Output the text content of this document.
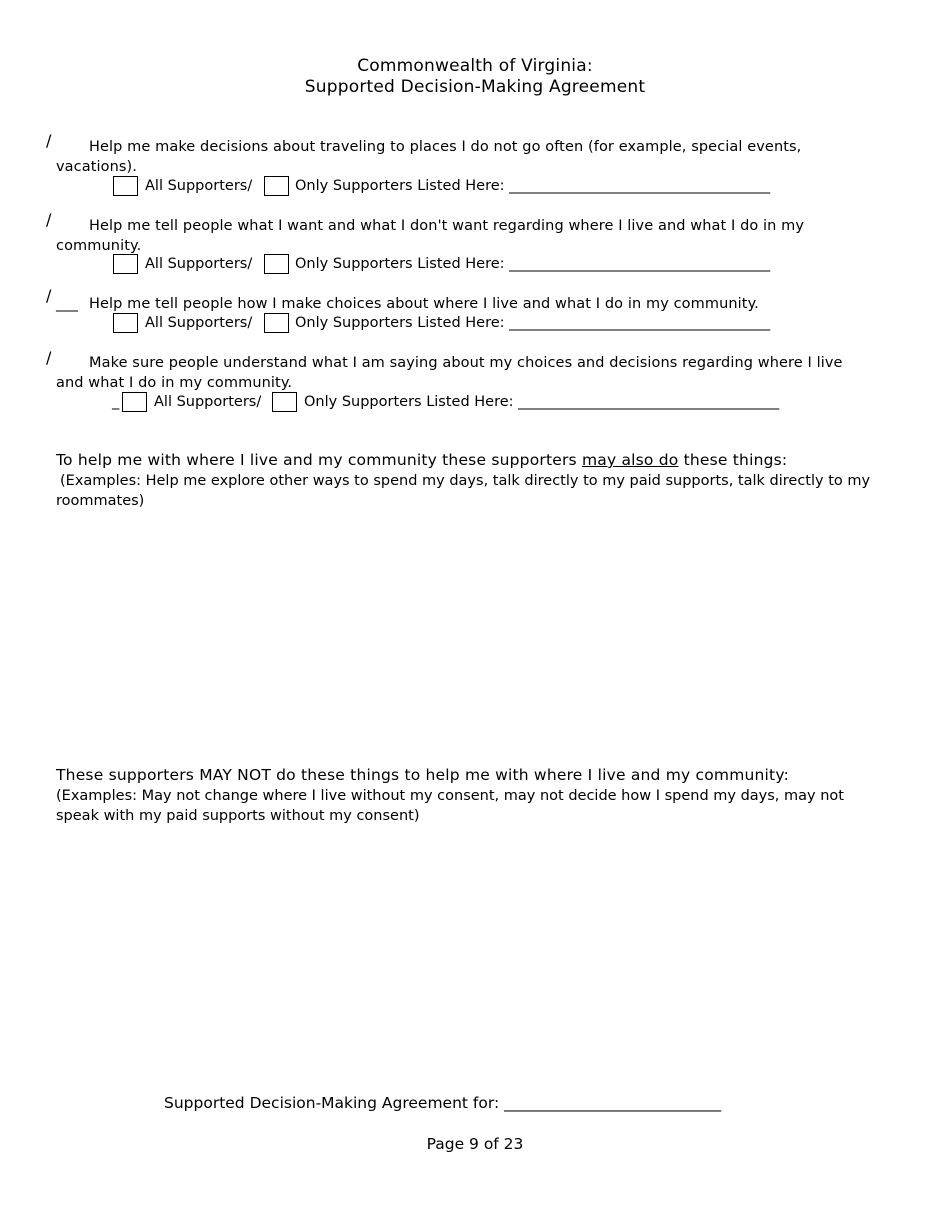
Commonwealth of Virginia:
Supported Decision-Making Agreement
/	Help me make decisions about traveling to places I do not go often (for example, special events,
vacations).
All Supporters/	Only Supporters Listed Here: ____________________________________
/	Help me tell people what I want and what I don't want regarding where I live and what I do in my
community.
All Supporters/	Only Supporters Listed Here: ____________________________________
/ ___ Help me tell people how I make choices about where I live and what I do in my community.
All Supporters/	Only Supporters Listed Here: ____________________________________
/	Make sure people understand what I am saying about my choices and decisions regarding where I live
and what I do in my community.
_ All Supporters/	Only Supporters Listed Here: ____________________________________
To help me with where I live and my community these supporters may also do these things:
(Examples: Help me explore other ways to spend my days, talk directly to my paid supports, talk directly to my roommates)
These supporters MAY NOT do these things to help me with where I live and my community:
(Examples: May not change where I live without my consent, may not decide how I spend my days, may not speak with my paid supports without my consent)
Supported Decision-Making Agreement for: ____________________________
Page 9 of 23
